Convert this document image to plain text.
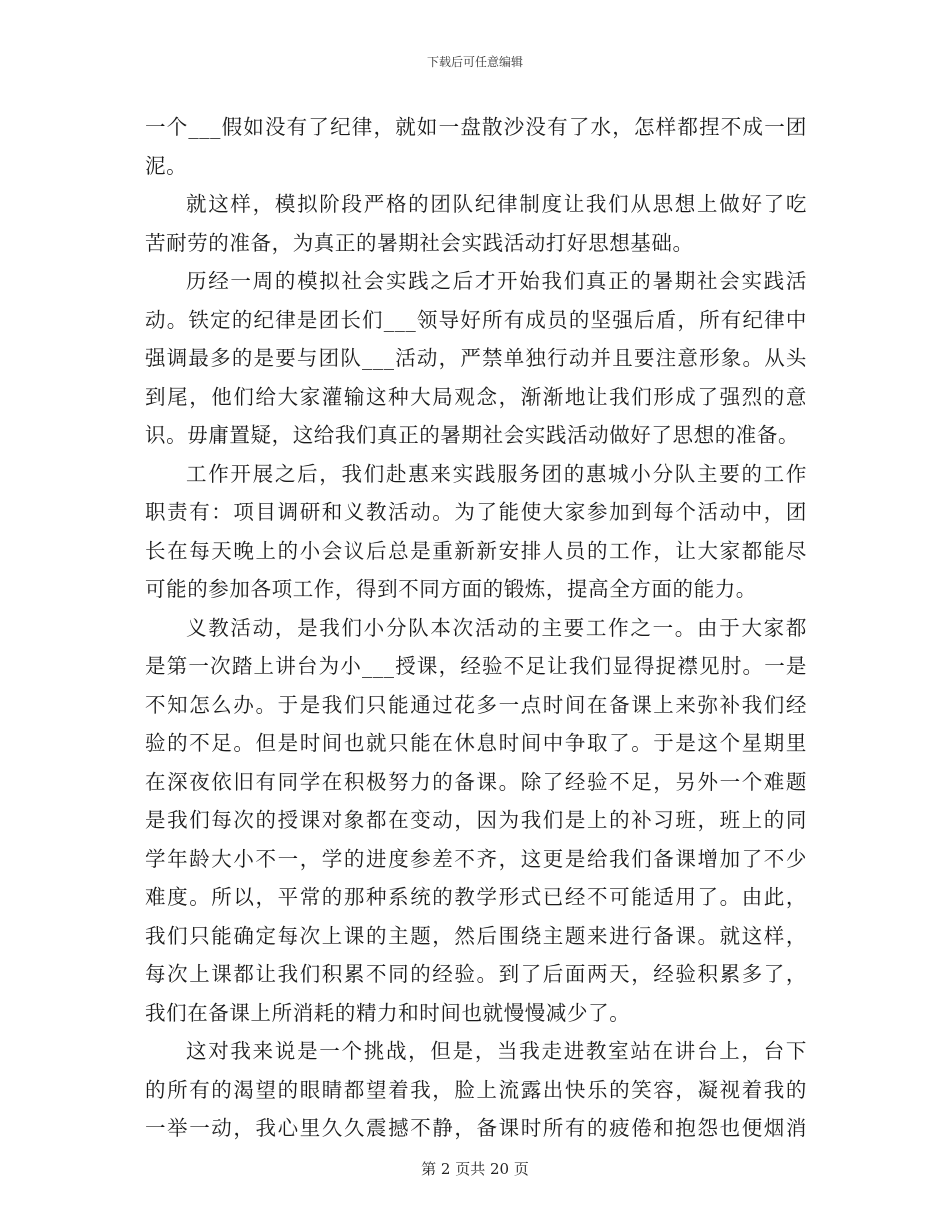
下载后可任意编辑
一个___假如没有了纪律，就如一盘散沙没有了水，怎样都捏不成一团
泥。
就这样，模拟阶段严格的团队纪律制度让我们从思想上做好了吃
苦耐劳的准备，为真正的暑期社会实践活动打好思想基础。
历经一周的模拟社会实践之后才开始我们真正的暑期社会实践活
动。铁定的纪律是团长们___领导好所有成员的坚强后盾，所有纪律中
强调最多的是要与团队___活动，严禁单独行动并且要注意形象。从头
到尾，他们给大家灌输这种大局观念，渐渐地让我们形成了强烈的意
识。毋庸置疑，这给我们真正的暑期社会实践活动做好了思想的准备。
工作开展之后，我们赴惠来实践服务团的惠城小分队主要的工作
职责有：项目调研和义教活动。为了能使大家参加到每个活动中，团
长在每天晚上的小会议后总是重新新安排人员的工作，让大家都能尽
可能的参加各项工作，得到不同方面的锻炼，提高全方面的能力。
义教活动，是我们小分队本次活动的主要工作之一。由于大家都
是第一次踏上讲台为小___授课，经验不足让我们显得捉襟见肘。一是
不知怎么办。于是我们只能通过花多一点时间在备课上来弥补我们经
验的不足。但是时间也就只能在休息时间中争取了。于是这个星期里
在深夜依旧有同学在积极努力的备课。除了经验不足，另外一个难题
是我们每次的授课对象都在变动，因为我们是上的补习班，班上的同
学年龄大小不一，学的进度参差不齐，这更是给我们备课增加了不少
难度。所以，平常的那种系统的教学形式已经不可能适用了。由此，
我们只能确定每次上课的主题，然后围绕主题来进行备课。就这样，
每次上课都让我们积累不同的经验。到了后面两天，经验积累多了，
我们在备课上所消耗的精力和时间也就慢慢减少了。
这对我来说是一个挑战，但是，当我走进教室站在讲台上，台下
的所有的渴望的眼睛都望着我，脸上流露出快乐的笑容，凝视着我的
一举一动，我心里久久震撼不静，备课时所有的疲倦和抱怨也便烟消
第 2 页共 20 页
